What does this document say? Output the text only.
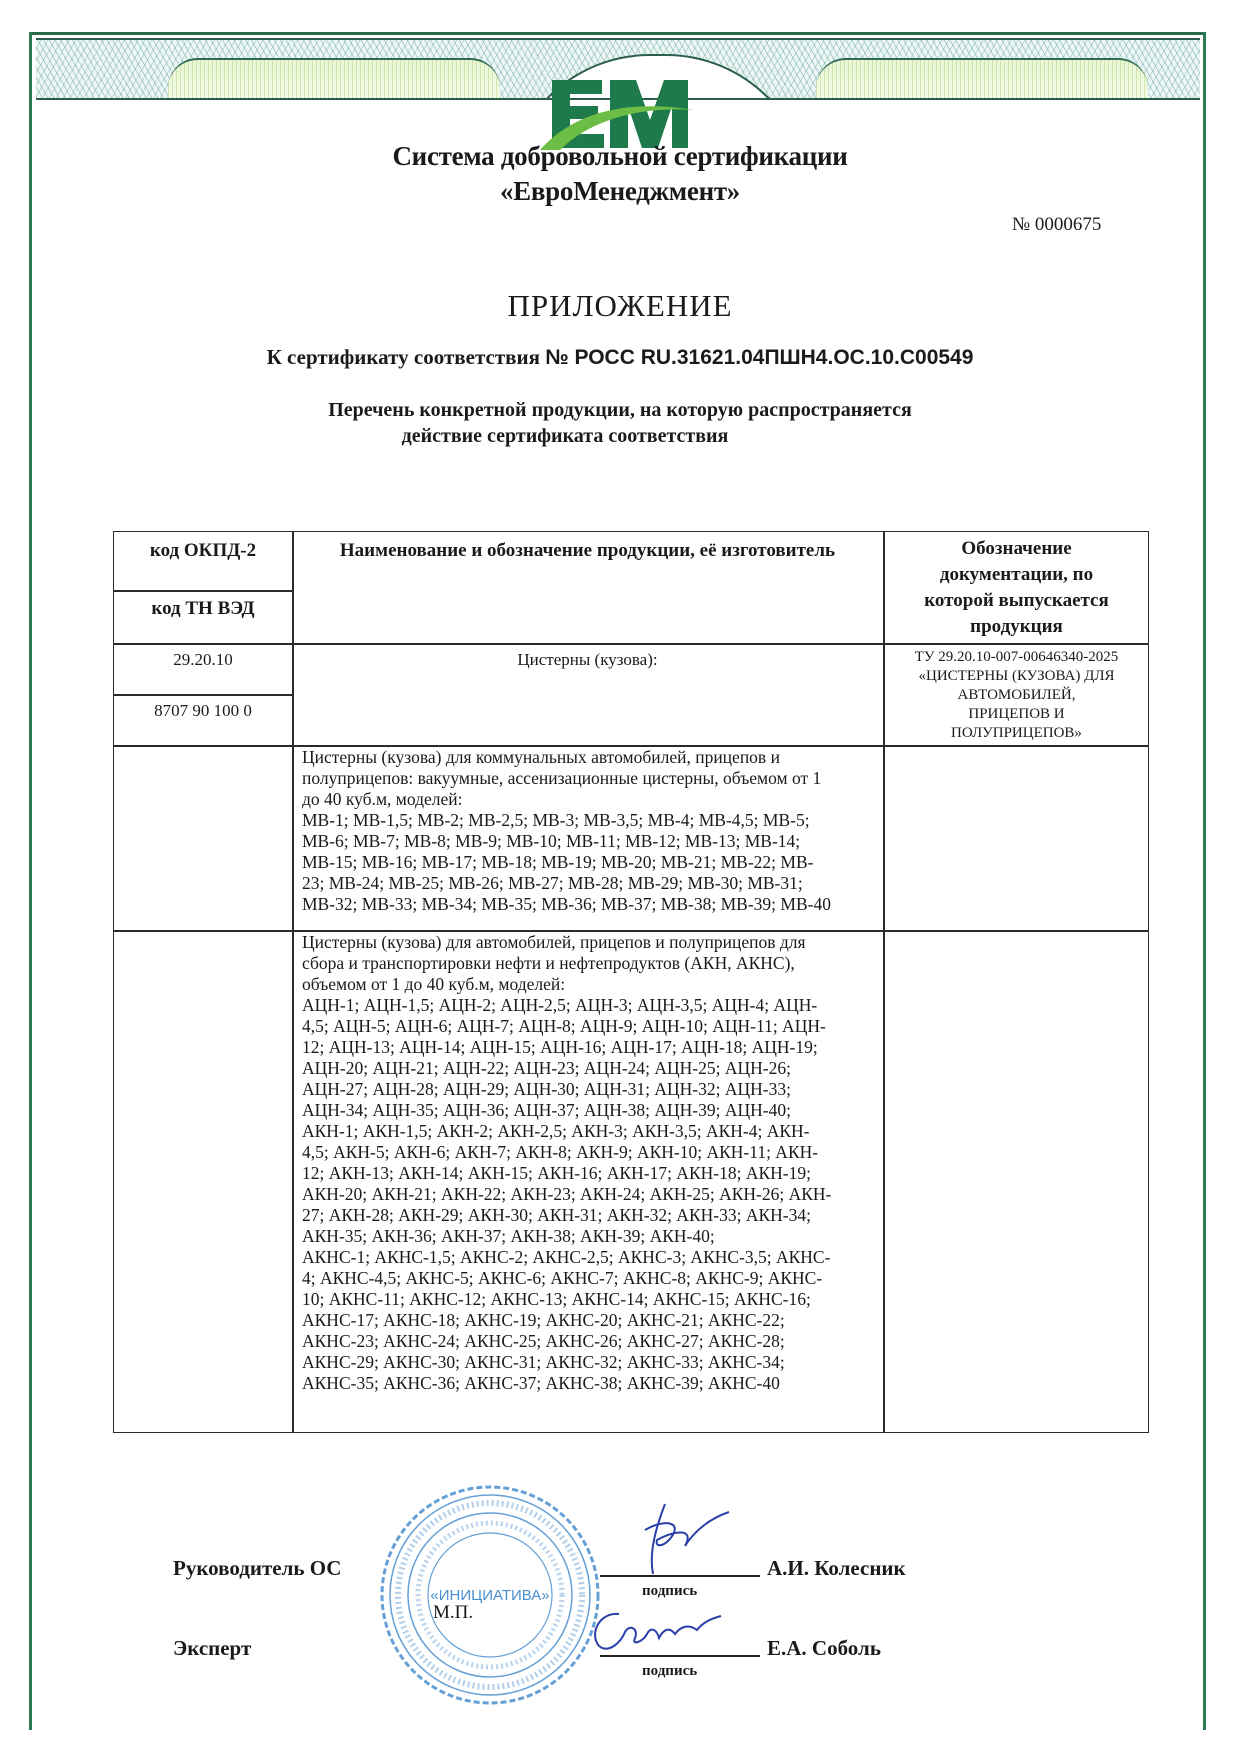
Система добровольной сертификации
«ЕвроМенеджмент»
№ 0000675
ПРИЛОЖЕНИЕ
К сертификату соответствия № РОСС RU.31621.04ПШН4.ОС.10.С00549
Перечень конкретной продукции, на которую распространяется
действие сертификата соответствия
код ОКПД-2
код ТН ВЭД
Наименование и обозначение продукции, её изготовитель	Обозначение
документации, по
которой выпускается
продукция
29.20.10
8707 90 100 0
Цистерны (кузова):	ТУ 29.20.10-007-00646340-2025
«ЦИСТЕРНЫ (КУЗОВА) ДЛЯ
АВТОМОБИЛЕЙ,
ПРИЦЕПОВ И
ПОЛУПРИЦЕПОВ»
Цистерны (кузова) для коммунальных автомобилей, прицепов и
полуприцепов: вакуумные, ассенизационные цистерны, объемом от 1
до 40 куб.м, моделей:
МВ-1; МВ-1,5; МВ-2; МВ-2,5; МВ-3; МВ-3,5; МВ-4; МВ-4,5; МВ-5;
МВ-6; МВ-7; МВ-8; МВ-9; МВ-10; МВ-11; МВ-12; МВ-13; МВ-14;
МВ-15; МВ-16; МВ-17; МВ-18; МВ-19; МВ-20; МВ-21; МВ-22; МВ-
23; МВ-24; МВ-25; МВ-26; МВ-27; МВ-28; МВ-29; МВ-30; МВ-31;
МВ-32; МВ-33; МВ-34; МВ-35; МВ-36; МВ-37; МВ-38; МВ-39; МВ-40
Цистерны (кузова) для автомобилей, прицепов и полуприцепов для
сбора и транспортировки нефти и нефтепродуктов (АКН, АКНС),
объемом от 1 до 40 куб.м, моделей:
АЦН-1; АЦН-1,5; АЦН-2; АЦН-2,5; АЦН-3; АЦН-3,5; АЦН-4; АЦН-
4,5; АЦН-5; АЦН-6; АЦН-7; АЦН-8; АЦН-9; АЦН-10; АЦН-11; АЦН-
12; АЦН-13; АЦН-14; АЦН-15; АЦН-16; АЦН-17; АЦН-18; АЦН-19;
АЦН-20; АЦН-21; АЦН-22; АЦН-23; АЦН-24; АЦН-25; АЦН-26;
АЦН-27; АЦН-28; АЦН-29; АЦН-30; АЦН-31; АЦН-32; АЦН-33;
АЦН-34; АЦН-35; АЦН-36; АЦН-37; АЦН-38; АЦН-39; АЦН-40;
АКН-1; АКН-1,5; АКН-2; АКН-2,5; АКН-3; АКН-3,5; АКН-4; АКН-
4,5; АКН-5; АКН-6; АКН-7; АКН-8; АКН-9; АКН-10; АКН-11; АКН-
12; АКН-13; АКН-14; АКН-15; АКН-16; АКН-17; АКН-18; АКН-19;
АКН-20; АКН-21; АКН-22; АКН-23; АКН-24; АКН-25; АКН-26; АКН-
27; АКН-28; АКН-29; АКН-30; АКН-31; АКН-32; АКН-33; АКН-34;
АКН-35; АКН-36; АКН-37; АКН-38; АКН-39; АКН-40;
АКНС-1; АКНС-1,5; АКНС-2; АКНС-2,5; АКНС-3; АКНС-3,5; АКНС-
4; АКНС-4,5; АКНС-5; АКНС-6; АКНС-7; АКНС-8; АКНС-9; АКНС-
10; АКНС-11; АКНС-12; АКНС-13; АКНС-14; АКНС-15; АКНС-16;
АКНС-17; АКНС-18; АКНС-19; АКНС-20; АКНС-21; АКНС-22;
АКНС-23; АКНС-24; АКНС-25; АКНС-26; АКНС-27; АКНС-28;
АКНС-29; АКНС-30; АКНС-31; АКНС-32; АКНС-33; АКНС-34;
АКНС-35; АКНС-36; АКНС-37; АКНС-38; АКНС-39; АКНС-40
«ИНИЦИАТИВА»
М.П.
Руководитель ОС
подпись
А.И. Колесник
Эксперт
подпись
Е.А. Соболь
